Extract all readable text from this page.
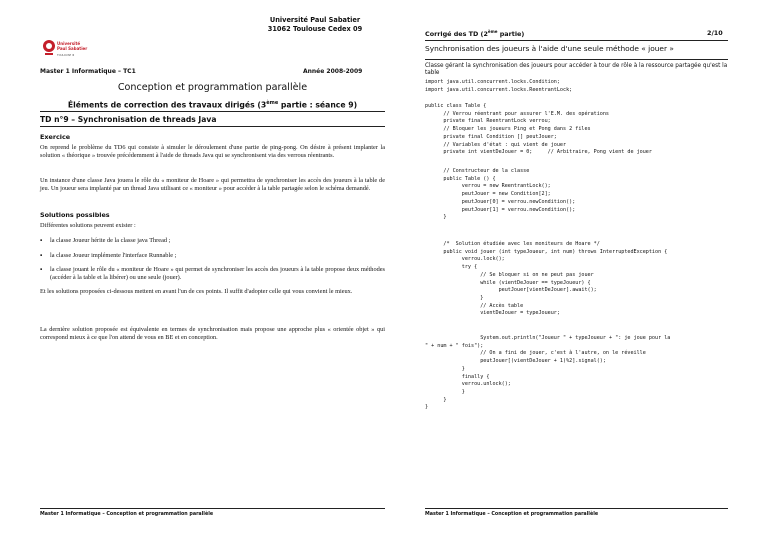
Université Paul Sabatier
31062 Toulouse Cedex 09
Université
Paul Sabatier
TOULOUSE III
Master 1 Informatique – TC1	Année 2008-2009
Conception et programmation parallèle
Éléments de correction des travaux dirigés (3ème partie : séance 9)
TD n°9 – Synchronisation de threads Java
Exercice
On reprend le problème du TD6 qui consiste à simuler le déroulement d'une partie de ping-pong. On désire à présent implanter la solution « théorique » trouvée précédemment à l'aide de threads Java qui se synchronisent via des verrous réentrants.
Un instance d'une classe Java jouera le rôle du « moniteur de Hoare » qui permettra de synchroniser les accès des joueurs à la table de jeu. Un joueur sera implanté par un thread Java utilisant ce « moniteur » pour accéder à la table partagée selon le schéma demandé.
Solutions possibles
Différentes solutions peuvent exister :
▪ la classe Joueur hérite de la classe java Thread ;
▪ la classe Joueur implémente l'interface Runnable ;
▪ la classe jouant le rôle du « moniteur de Hoare » qui permet de synchroniser les accès des joueurs à la table propose deux méthodes (accéder à la table et la libérer) ou une seule (jouer).
Et les solutions proposées ci-dessous mettent en avant l'un de ces points. Il suffit d'adopter celle qui vous convient le mieux.
La dernière solution proposée est équivalente en termes de synchronisation mais propose une approche plus « orientée objet » qui correspond mieux à ce que l'on attend de vous en BE et en conception.
Master 1 Informatique – Conception et programmation parallèle
Corrigé des TD (2ème partie)	2/10
Synchronisation des joueurs à l'aide d'une seule méthode « jouer »
Classe gérant la synchronisation des joueurs pour accéder à tour de rôle à la ressource partagée qu'est la table
import java.util.concurrent.locks.Condition;
import java.util.concurrent.locks.ReentrantLock;
public class Table {
// Verrou réentrant pour assurer l'E.M. des opérations
private final ReentrantLock verrou;
// Bloquer les joueurs Ping et Pong dans 2 files
private final Condition [] peutJouer;
// Variables d'état : qui vient de jouer
private int vientDeJouer = 0;     // Arbitraire, Pong vient de jouer
// Constructeur de la classe
public Table () {
verrou = new ReentrantLock();
peutJouer = new Condition[2];
peutJouer[0] = verrou.newCondition();
peutJouer[1] = verrou.newCondition();
}
/*  Solution étudiée avec les moniteurs de Hoare */
public void jouer (int typeJoueur, int num) throws InterruptedException {
verrou.lock();
try {
// Se bloquer si on ne peut pas jouer
while (vientDeJouer == typeJoueur) {
peutJouer[vientDeJouer].await();
}
// Accès table
vientDeJouer = typeJoueur;
System.out.println("Joueur " + typeJoueur + ": je joue pour la
" + num + " fois");
// On a fini de jouer, c'est à l'autre, on le réveille
peutJouer[(vientDeJouer + 1)%2].signal();
}
finally {
verrou.unlock();
}
}
}
Master 1 Informatique – Conception et programmation parallèle
